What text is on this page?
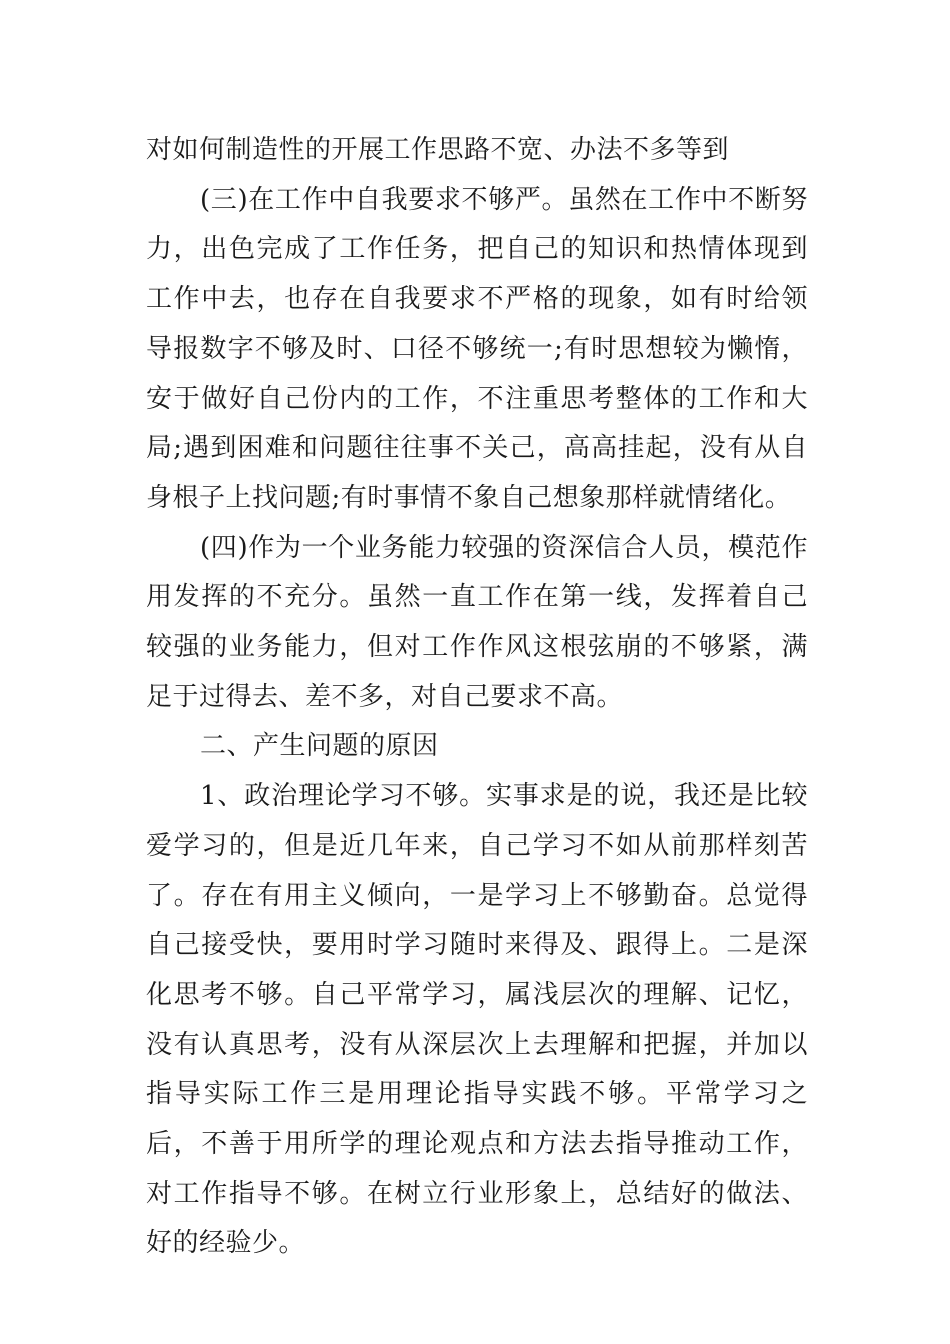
对如何制造性的开展工作思路不宽、办法不多等到

(三)在工作中自我要求不够严。虽然在工作中不断努力，出色完成了工作任务，把自己的知识和热情体现到工作中去，也存在自我要求不严格的现象，如有时给领导报数字不够及时、口径不够统一;有时思想较为懒惰，安于做好自己份内的工作，不注重思考整体的工作和大局;遇到困难和问题往往事不关己，高高挂起，没有从自身根子上找问题;有时事情不象自己想象那样就情绪化。

(四)作为一个业务能力较强的资深信合人员，模范作用发挥的不充分。虽然一直工作在第一线，发挥着自己较强的业务能力，但对工作作风这根弦崩的不够紧，满足于过得去、差不多，对自己要求不高。

二、产生问题的原因

1、政治理论学习不够。实事求是的说，我还是比较爱学习的，但是近几年来，自己学习不如从前那样刻苦了。存在有用主义倾向，一是学习上不够勤奋。总觉得自己接受快，要用时学习随时来得及、跟得上。二是深化思考不够。自己平常学习，属浅层次的理解、记忆，没有认真思考，没有从深层次上去理解和把握，并加以指导实际工作三是用理论指导实践不够。平常学习之后，不善于用所学的理论观点和方法去指导推动工作，对工作指导不够。在树立行业形象上，总结好的做法、好的经验少。
